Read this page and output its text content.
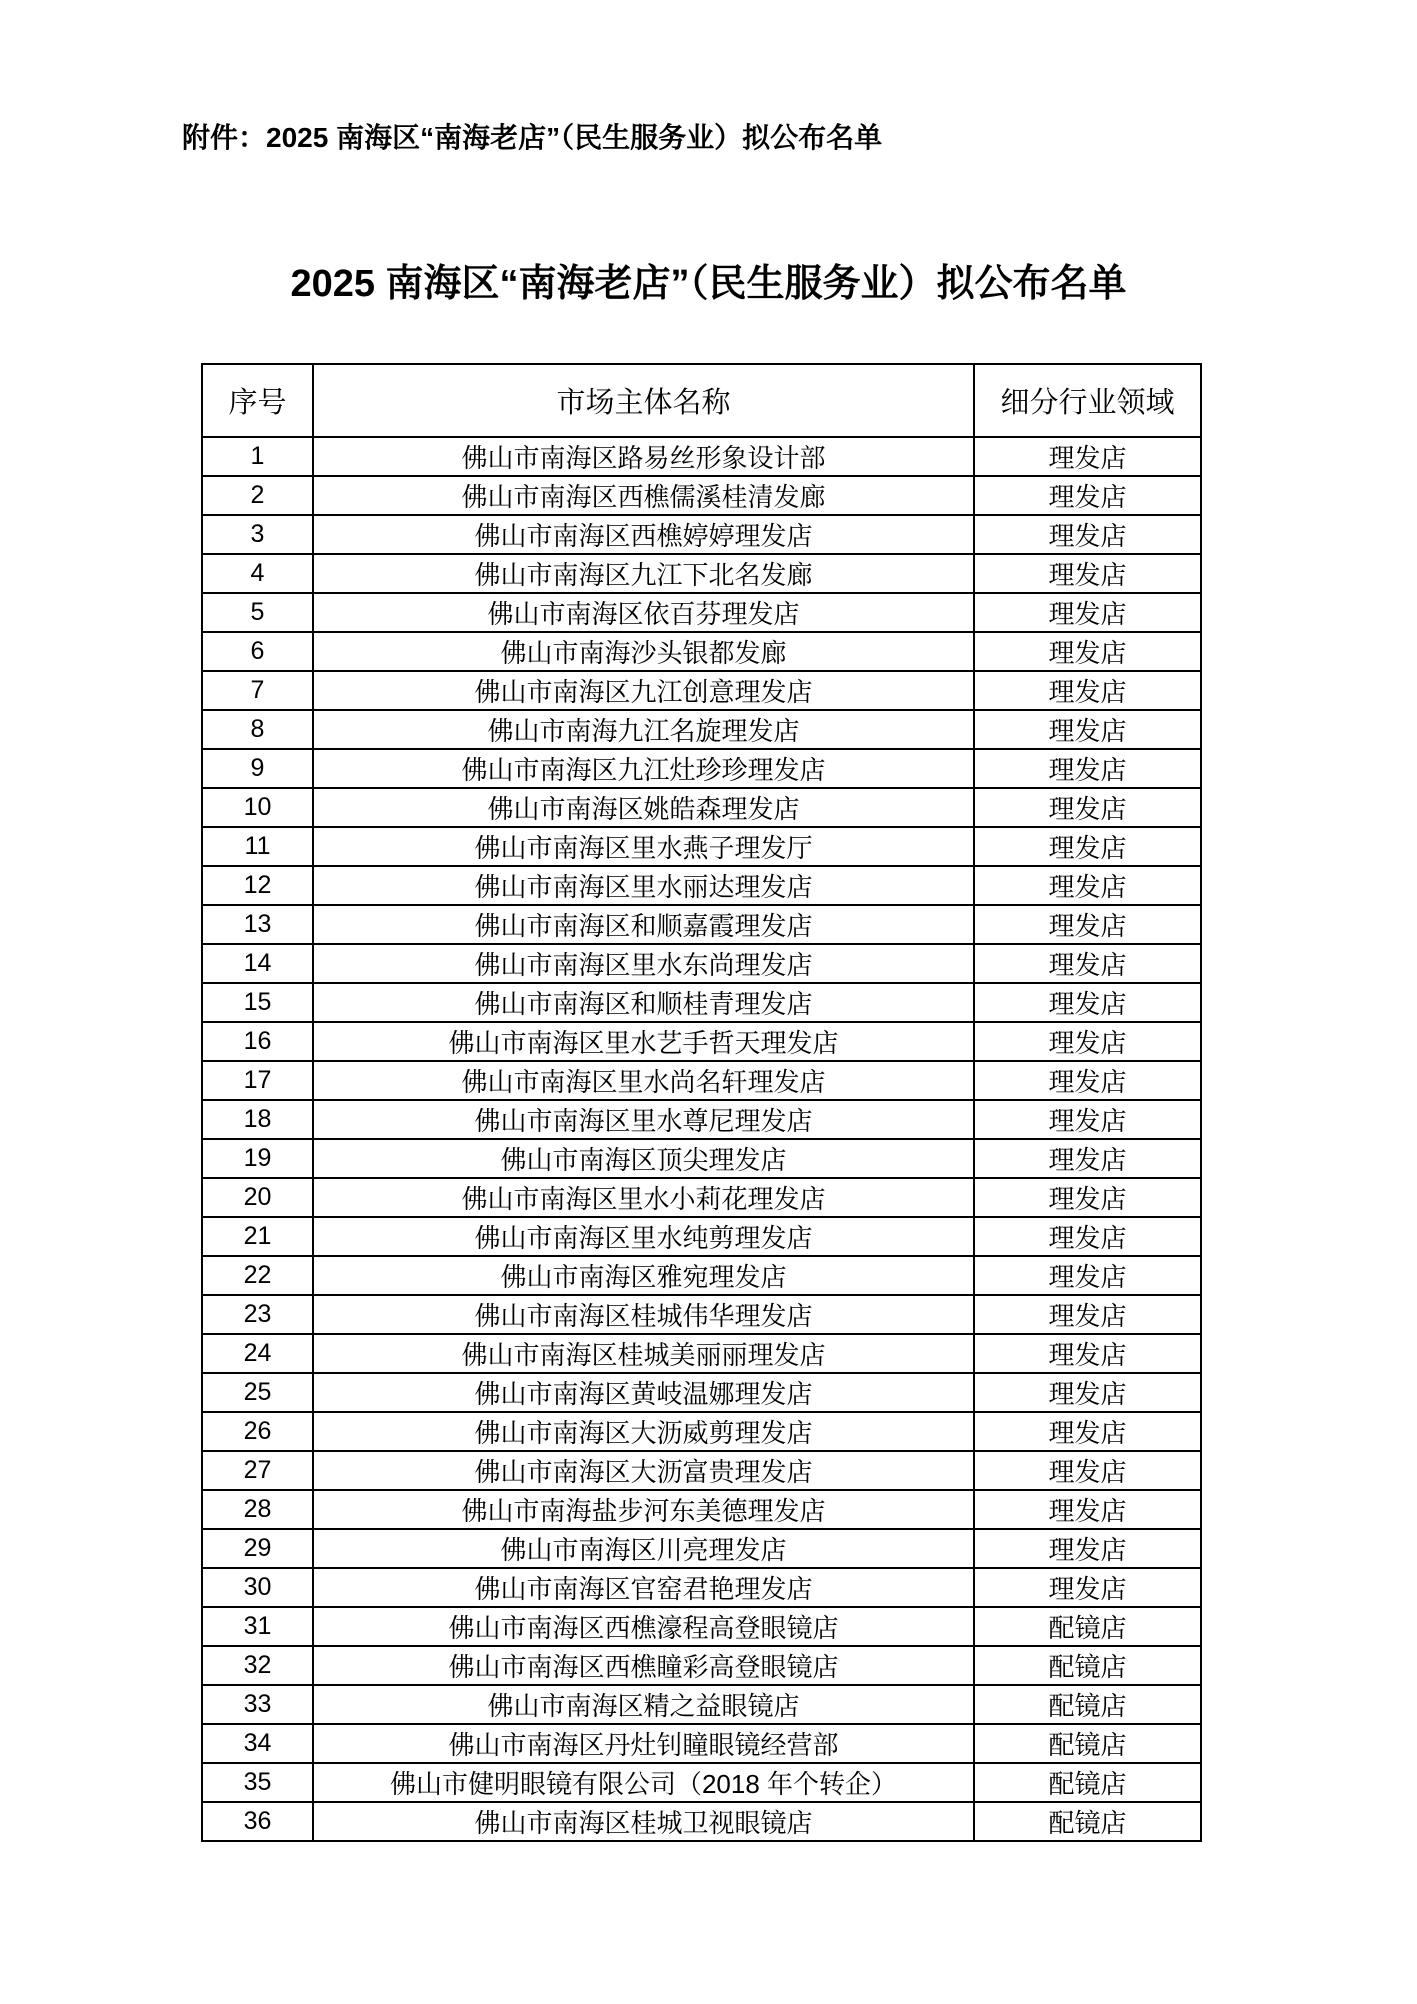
附件：2025 南海区“南海老店”（民生服务业）拟公布名单
2025 南海区“南海老店”（民生服务业）拟公布名单
序号	市场主体名称	细分行业领域
1	佛山市南海区路易丝形象设计部	理发店
2	佛山市南海区西樵儒溪桂清发廊	理发店
3	佛山市南海区西樵婷婷理发店	理发店
4	佛山市南海区九江下北名发廊	理发店
5	佛山市南海区依百芬理发店	理发店
6	佛山市南海沙头银都发廊	理发店
7	佛山市南海区九江创意理发店	理发店
8	佛山市南海九江名旋理发店	理发店
9	佛山市南海区九江灶珍珍理发店	理发店
10	佛山市南海区姚皓森理发店	理发店
11	佛山市南海区里水燕子理发厅	理发店
12	佛山市南海区里水丽达理发店	理发店
13	佛山市南海区和顺嘉霞理发店	理发店
14	佛山市南海区里水东尚理发店	理发店
15	佛山市南海区和顺桂青理发店	理发店
16	佛山市南海区里水艺手哲天理发店	理发店
17	佛山市南海区里水尚名轩理发店	理发店
18	佛山市南海区里水尊尼理发店	理发店
19	佛山市南海区顶尖理发店	理发店
20	佛山市南海区里水小莉花理发店	理发店
21	佛山市南海区里水纯剪理发店	理发店
22	佛山市南海区雅宛理发店	理发店
23	佛山市南海区桂城伟华理发店	理发店
24	佛山市南海区桂城美丽丽理发店	理发店
25	佛山市南海区黄岐温娜理发店	理发店
26	佛山市南海区大沥威剪理发店	理发店
27	佛山市南海区大沥富贵理发店	理发店
28	佛山市南海盐步河东美德理发店	理发店
29	佛山市南海区川亮理发店	理发店
30	佛山市南海区官窑君艳理发店	理发店
31	佛山市南海区西樵濠程高登眼镜店	配镜店
32	佛山市南海区西樵瞳彩高登眼镜店	配镜店
33	佛山市南海区精之益眼镜店	配镜店
34	佛山市南海区丹灶钊瞳眼镜经营部	配镜店
35	佛山市健明眼镜有限公司（2018 年个转企）	配镜店
36	佛山市南海区桂城卫视眼镜店	配镜店
